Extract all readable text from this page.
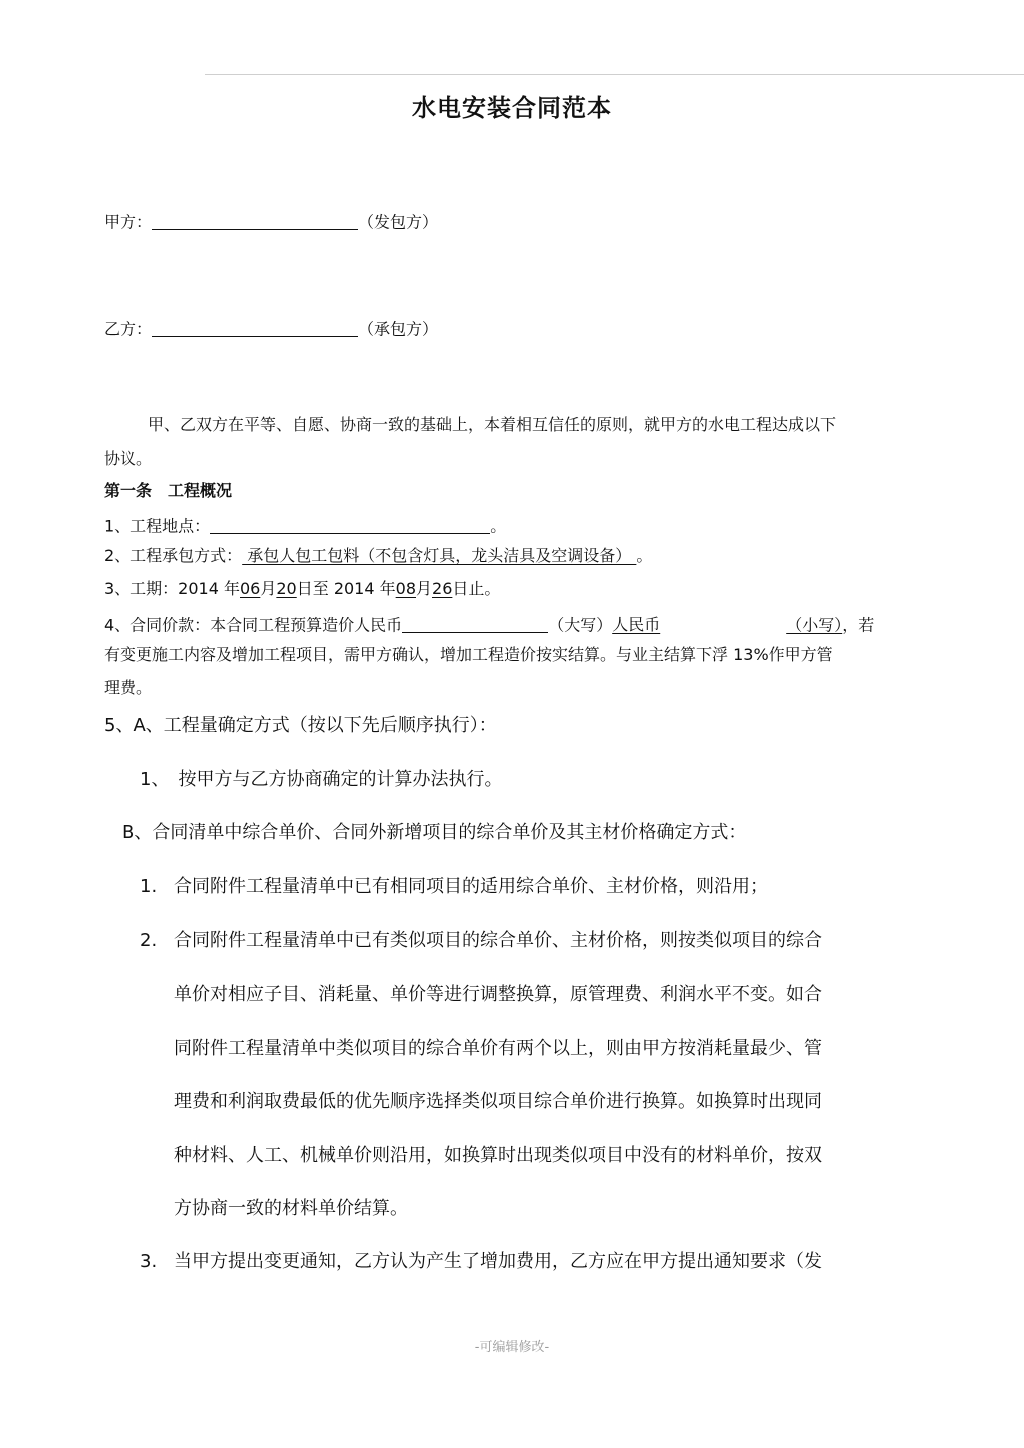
水电安装合同范本
甲方：	（发包方）
乙方：	（承包方）
甲、乙双方在平等、自愿、协商一致的基础上，本着相互信任的原则，就甲方的水电工程达成以下
协议。
第一条　工程概况
1、工程地点：	。
2、工程承包方式： 承包人包工包料（不包含灯具，龙头洁具及空调设备） 。
3、工期：2014 年06月20日至 2014 年08月26日止。
4、合同价款：本合同工程预算造价人民币	（大写）人民币	（小写），若
有变更施工内容及增加工程项目，需甲方确认，增加工程造价按实结算。与业主结算下浮 13%作甲方管
理费。
5、A、工程量确定方式（按以下先后顺序执行）：
1、　按甲方与乙方协商确定的计算办法执行。
B、合同清单中综合单价、合同外新增项目的综合单价及其主材价格确定方式：
1. 合同附件工程量清单中已有相同项目的适用综合单价、主材价格，则沿用；
2. 合同附件工程量清单中已有类似项目的综合单价、主材价格，则按类似项目的综合
单价对相应子目、消耗量、单价等进行调整换算，原管理费、利润水平不变。如合
同附件工程量清单中类似项目的综合单价有两个以上，则由甲方按消耗量最少、管
理费和利润取费最低的优先顺序选择类似项目综合单价进行换算。如换算时出现同
种材料、人工、机械单价则沿用，如换算时出现类似项目中没有的材料单价，按双
方协商一致的材料单价结算。
3. 当甲方提出变更通知，乙方认为产生了增加费用，乙方应在甲方提出通知要求（发
-可编辑修改-
